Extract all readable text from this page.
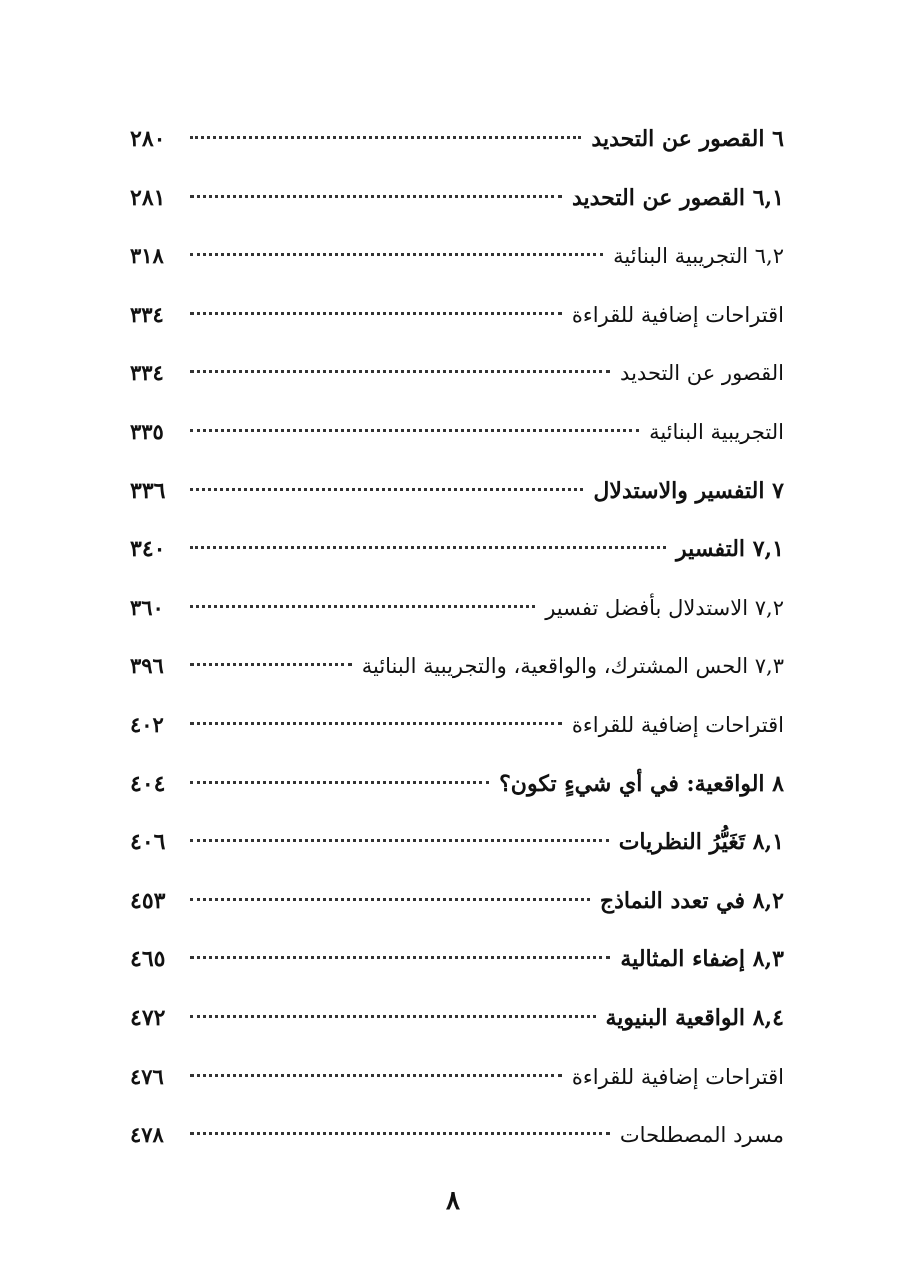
٦ القصور عن التحديد
٢٨٠
٦,١ القصور عن التحديد
٢٨١
٦,٢ التجريبية البنائية
٣١٨
اقتراحات إضافية للقراءة
٣٣٤
القصور عن التحديد
٣٣٤
التجريبية البنائية
٣٣٥
٧ التفسير والاستدلال
٣٣٦
٧,١ التفسير
٣٤٠
٧,٢ الاستدلال بأفضل تفسير
٣٦٠
٧,٣ الحس المشترك، والواقعية، والتجريبية البنائية
٣٩٦
اقتراحات إضافية للقراءة
٤٠٢
٨ الواقعية: في أي شيءٍ تكون؟
٤٠٤
٨,١ تَغَيُّرُ النظريات
٤٠٦
٨,٢ في تعدد النماذج
٤٥٣
٨,٣ إضفاء المثالية
٤٦٥
٨,٤ الواقعية البنيوية
٤٧٢
اقتراحات إضافية للقراءة
٤٧٦
مسرد المصطلحات
٤٧٨
٨
